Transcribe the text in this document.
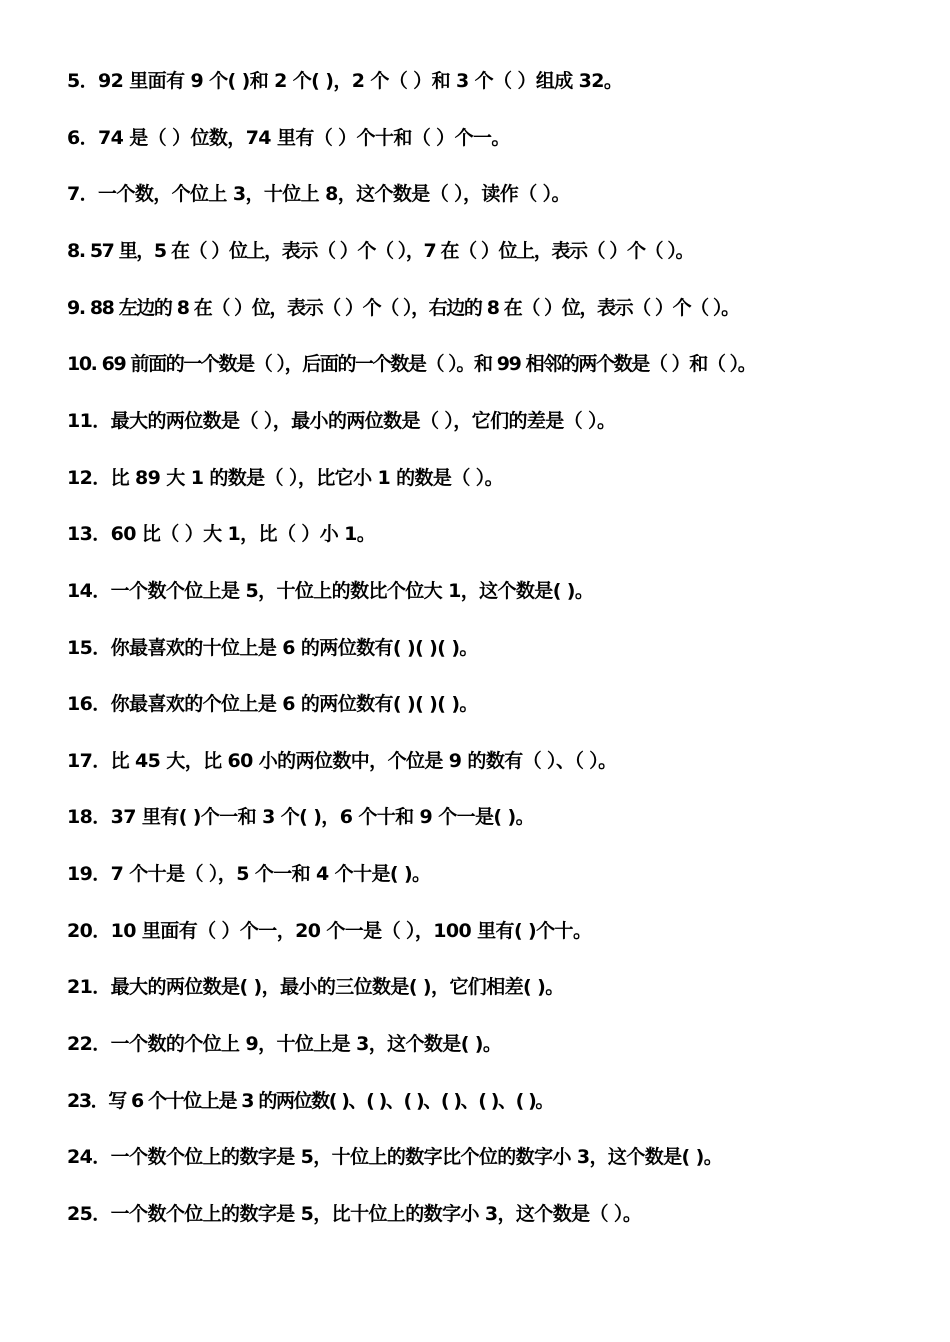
5．92 里面有 9 个( )和 2 个( )，2 个（ ）和 3 个（ ）组成 32。
6．74 是（ ）位数，74 里有（ ）个十和（ ）个一。
7．一个数，个位上 3，十位上 8，这个数是（ ），读作（ ）。
8. 57 里，5 在（ ）位上，表示（ ）个（ ），7 在（ ）位上，表示（ ）个（ ）。
9. 88 左边的 8 在（ ）位，表示（ ）个（ ），右边的 8 在（ ）位，表示（ ）个（ ）。
10. 69 前面的一个数是（ ），后面的一个数是（ ）。和 99 相邻的两个数是（ ）和（ ）。
11．最大的两位数是（ ），最小的两位数是（ ），它们的差是（ ）。
12．比 89 大 1 的数是（ ），比它小 1 的数是（ ）。
13．60 比（ ）大 1，比（ ）小 1。
14．一个数个位上是 5，十位上的数比个位大 1，这个数是( )。
15．你最喜欢的十位上是 6 的两位数有( )( )( )。
16．你最喜欢的个位上是 6 的两位数有( )( )( )。
17．比 45 大，比 60 小的两位数中，个位是 9 的数有（ ）、（ ）。
18．37 里有( )个一和 3 个( )，6 个十和 9 个一是( )。
19．7 个十是（ ），5 个一和 4 个十是( )。
20．10 里面有（ ）个一，20 个一是（ ），100 里有( )个十。
21．最大的两位数是( )，最小的三位数是( )，它们相差( )。
22．一个数的个位上 9，十位上是 3，这个数是( )。
23．写 6 个十位上是 3 的两位数( )、( )、( )、( )、( )、( )。
24．一个数个位上的数字是 5，十位上的数字比个位的数字小 3，这个数是( )。
25．一个数个位上的数字是 5，比十位上的数字小 3，这个数是（ ）。
